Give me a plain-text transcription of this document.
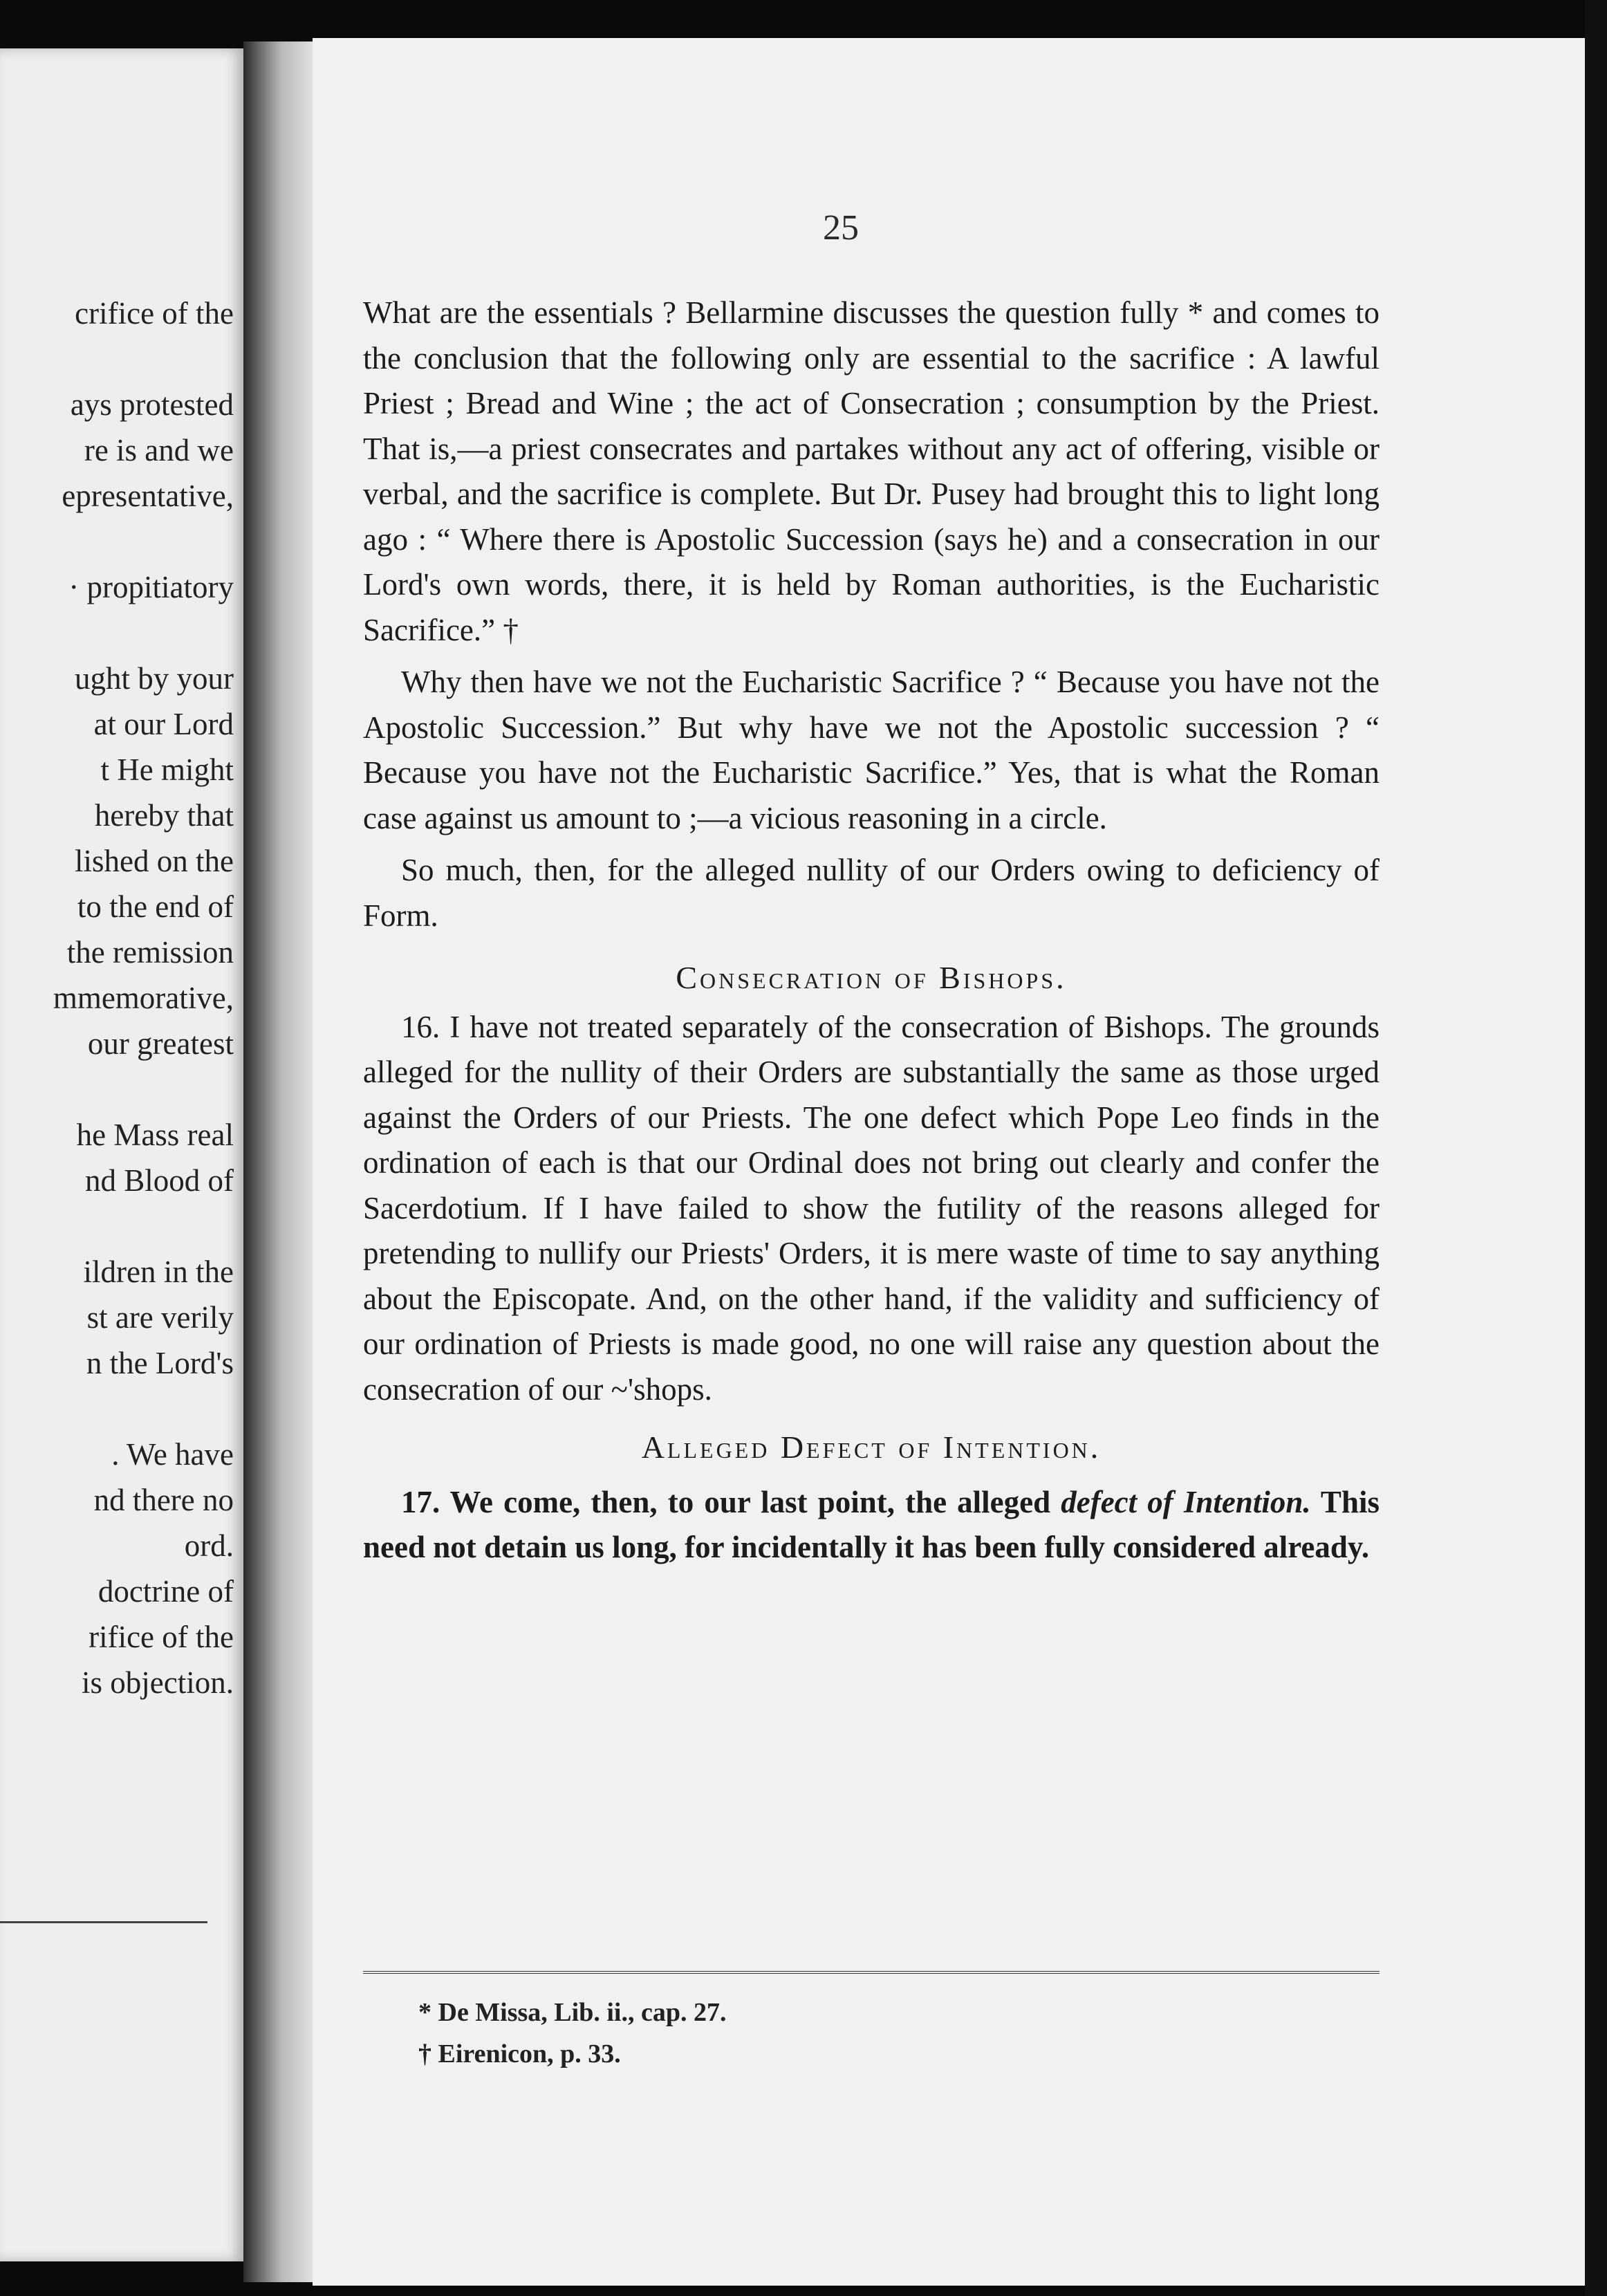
crifice of the
ays protested
re is and we
epresentative,
· propitiatory
ught by your
at our Lord
t He might
hereby that
lished on the
to the end of
the remission
mmemorative,
our greatest
he Mass real
nd Blood of
ildren in the
st are verily
n the Lord's
. We have
nd there no
ord.
doctrine of
rifice of the
is objection.
25

What are the essentials ? Bellarmine discusses the question fully * and comes to the conclusion that the following only are essential to the sacrifice : A lawful Priest ; Bread and Wine ; the act of Consecration ; consumption by the Priest. That is,—a priest consecrates and partakes without any act of offering, visible or verbal, and the sacrifice is complete. But Dr. Pusey had brought this to light long ago : “ Where there is Apostolic Succession (says he) and a consecration in our Lord's own words, there, it is held by Roman authorities, is the Eucharistic Sacrifice.” †

Why then have we not the Eucharistic Sacrifice ? “ Because you have not the Apostolic Succession.” But why have we not the Apostolic succession ? “ Because you have not the Eucharistic Sacrifice.” Yes, that is what the Roman case against us amount to ;—a vicious reasoning in a circle.

So much, then, for the alleged nullity of our Orders owing to deficiency of Form.

Consecration of Bishops.

16. I have not treated separately of the consecration of Bishops. The grounds alleged for the nullity of their Orders are substantially the same as those urged against the Orders of our Priests. The one defect which Pope Leo finds in the ordination of each is that our Ordinal does not bring out clearly and confer the Sacerdotium. If I have failed to show the futility of the reasons alleged for pretending to nullify our Priests' Orders, it is mere waste of time to say anything about the Episcopate. And, on the other hand, if the validity and sufficiency of our ordination of Priests is made good, no one will raise any question about the consecration of our ~'shops.

Alleged Defect of Intention.

17. We come, then, to our last point, the alleged defect of Intention. This need not detain us long, for incidentally it has been fully considered already.

* De Missa, Lib. ii., cap. 27.
† Eirenicon, p. 33.
